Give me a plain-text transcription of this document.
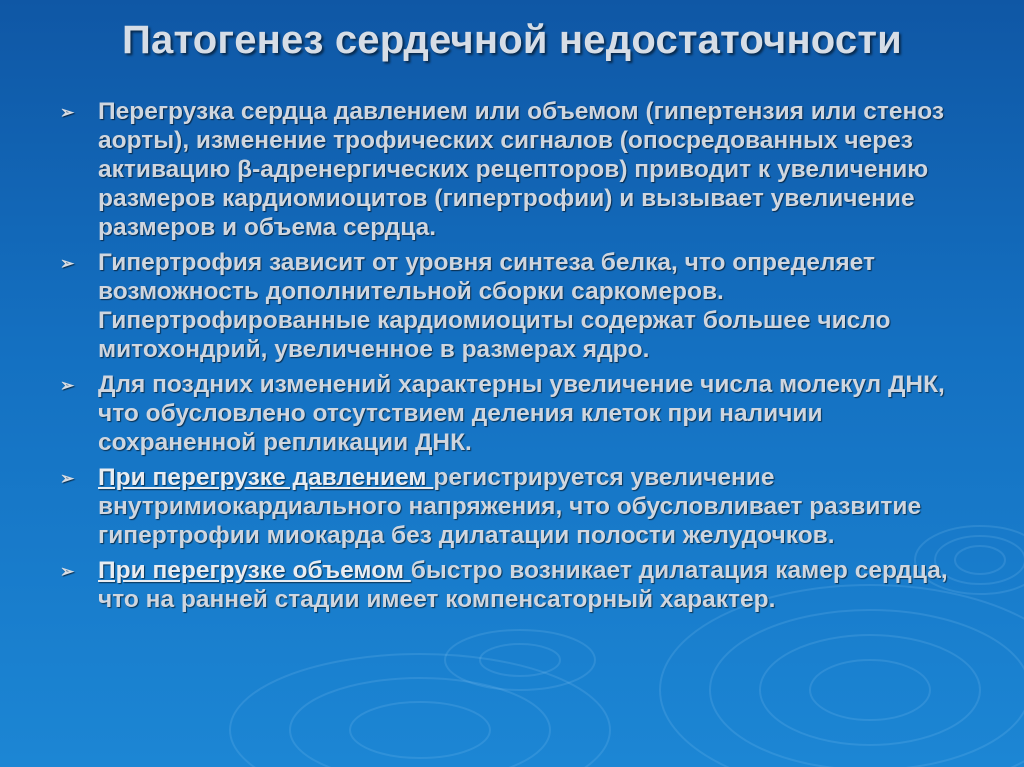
Патогенез сердечной недостаточности
➢ Перегрузка сердца давлением или объемом (гипертензия или стеноз аорты), изменение трофических сигналов (опосредованных через активацию β-адренергических рецепторов) приводит к увеличению размеров кардиомиоцитов (гипертрофии) и вызывает увеличение размеров и объема сердца.
➢ Гипертрофия зависит от уровня синтеза белка, что определяет возможность дополнительной сборки саркомеров. Гипертрофированные кардиомиоциты содержат большее число митохондрий, увеличенное в размерах ядро.
➢ Для поздних изменений характерны увеличение числа молекул ДНК, что обусловлено отсутствием деления клеток при наличии сохраненной репликации ДНК.
➢ При перегрузке давлением регистрируется увеличение внутримиокардиального напряжения, что обусловливает развитие гипертрофии миокарда без дилатации полости желудочков.
➢ При перегрузке объемом быстро возникает дилатация камер сердца, что на ранней стадии имеет компенсаторный характер.
